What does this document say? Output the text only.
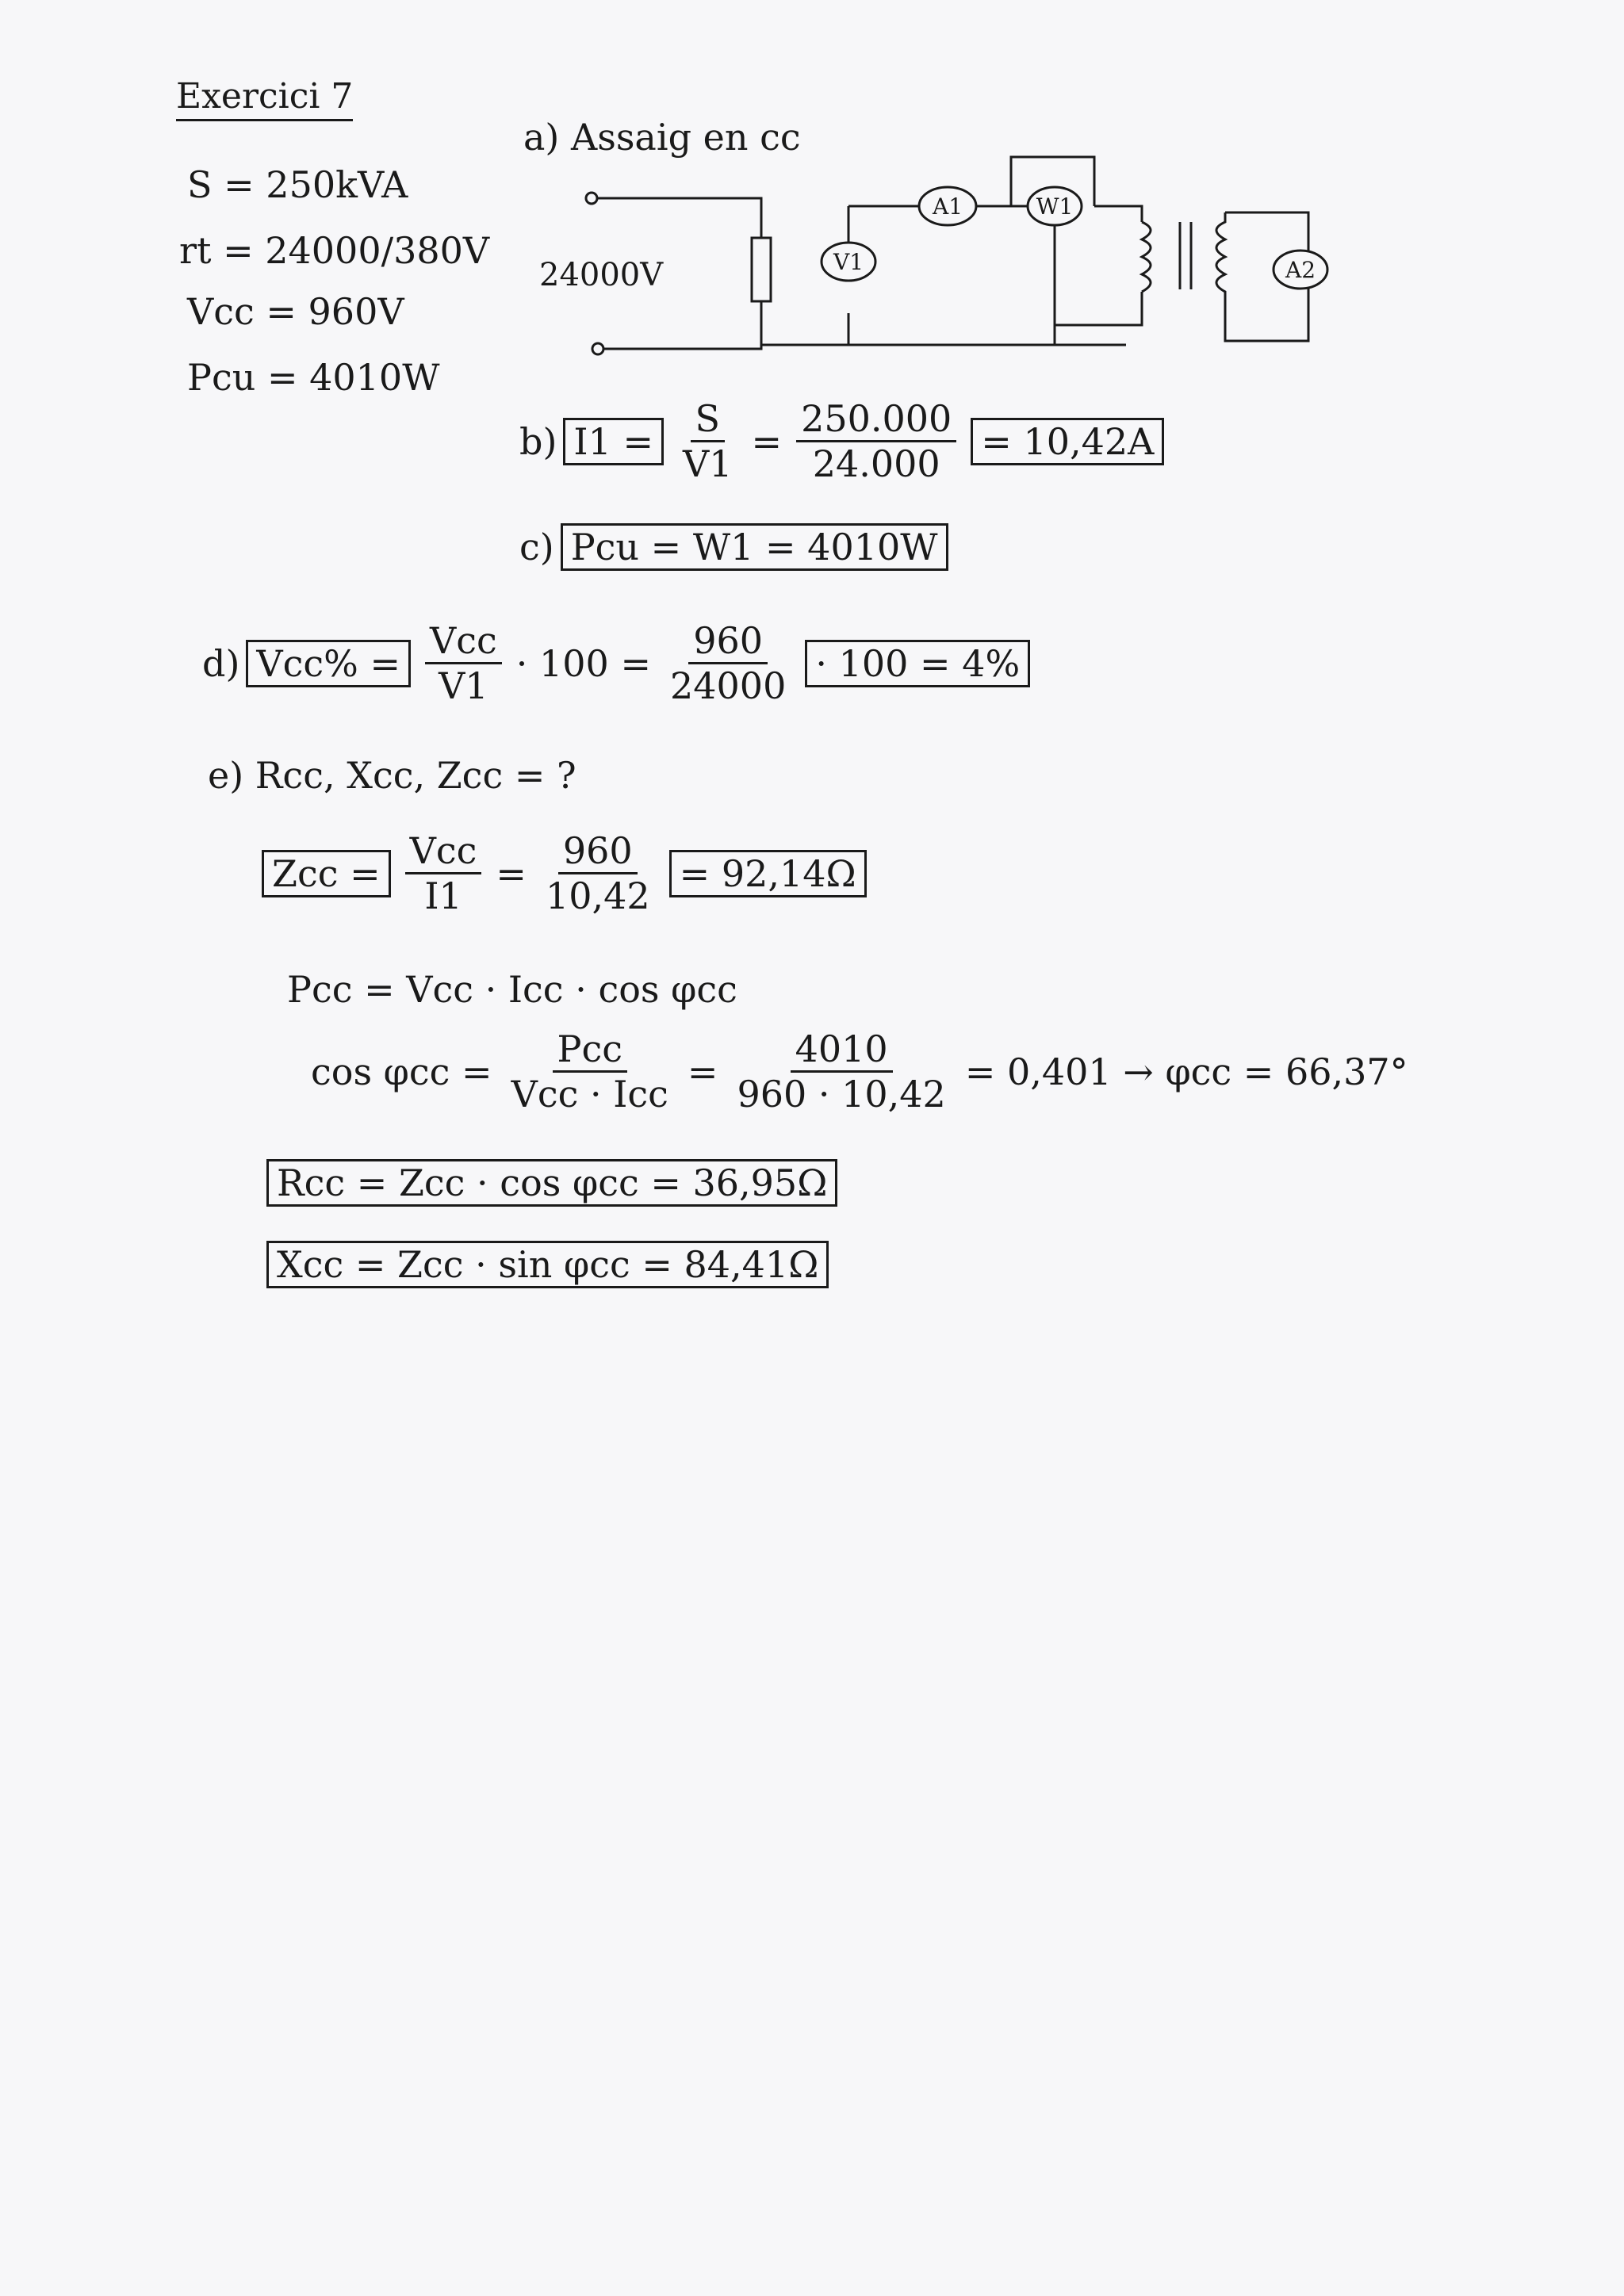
Exercici 7
S = 250kVA
rt = 24000/380V
Vcc = 960V
Pcu = 4010W
a) Assaig en cc
24000V
A1	W1
V1	A2
b) $I1 = \frac{S}{V1} = \frac{250.000}{24.000} = 10,42A$
c) Pcu = W1 = 4010W
d) $Vcc\% = \frac{\text{Vcc}}{V1} \cdot 100 = \frac{960}{24000} \cdot 100 = 4\%$
e) Rcc, Xcc, Zcc = ?
Zcc = $\frac{\text{Vcc}}{I1} = \frac{960}{10,42} = 92,14\Omega$
Pcc = Vcc · Icc · cos φcc
$\cos \varphi cc = \frac{\text{Pcc}}{\text{Vcc · Icc}} = \frac{4010}{960 \cdot 10,42} = 0,401 \to \varphi cc = 66,37^\circ$
Rcc = Zcc · cos φcc = 36,95Ω
Xcc = Zcc · sin φcc = 84,41Ω
